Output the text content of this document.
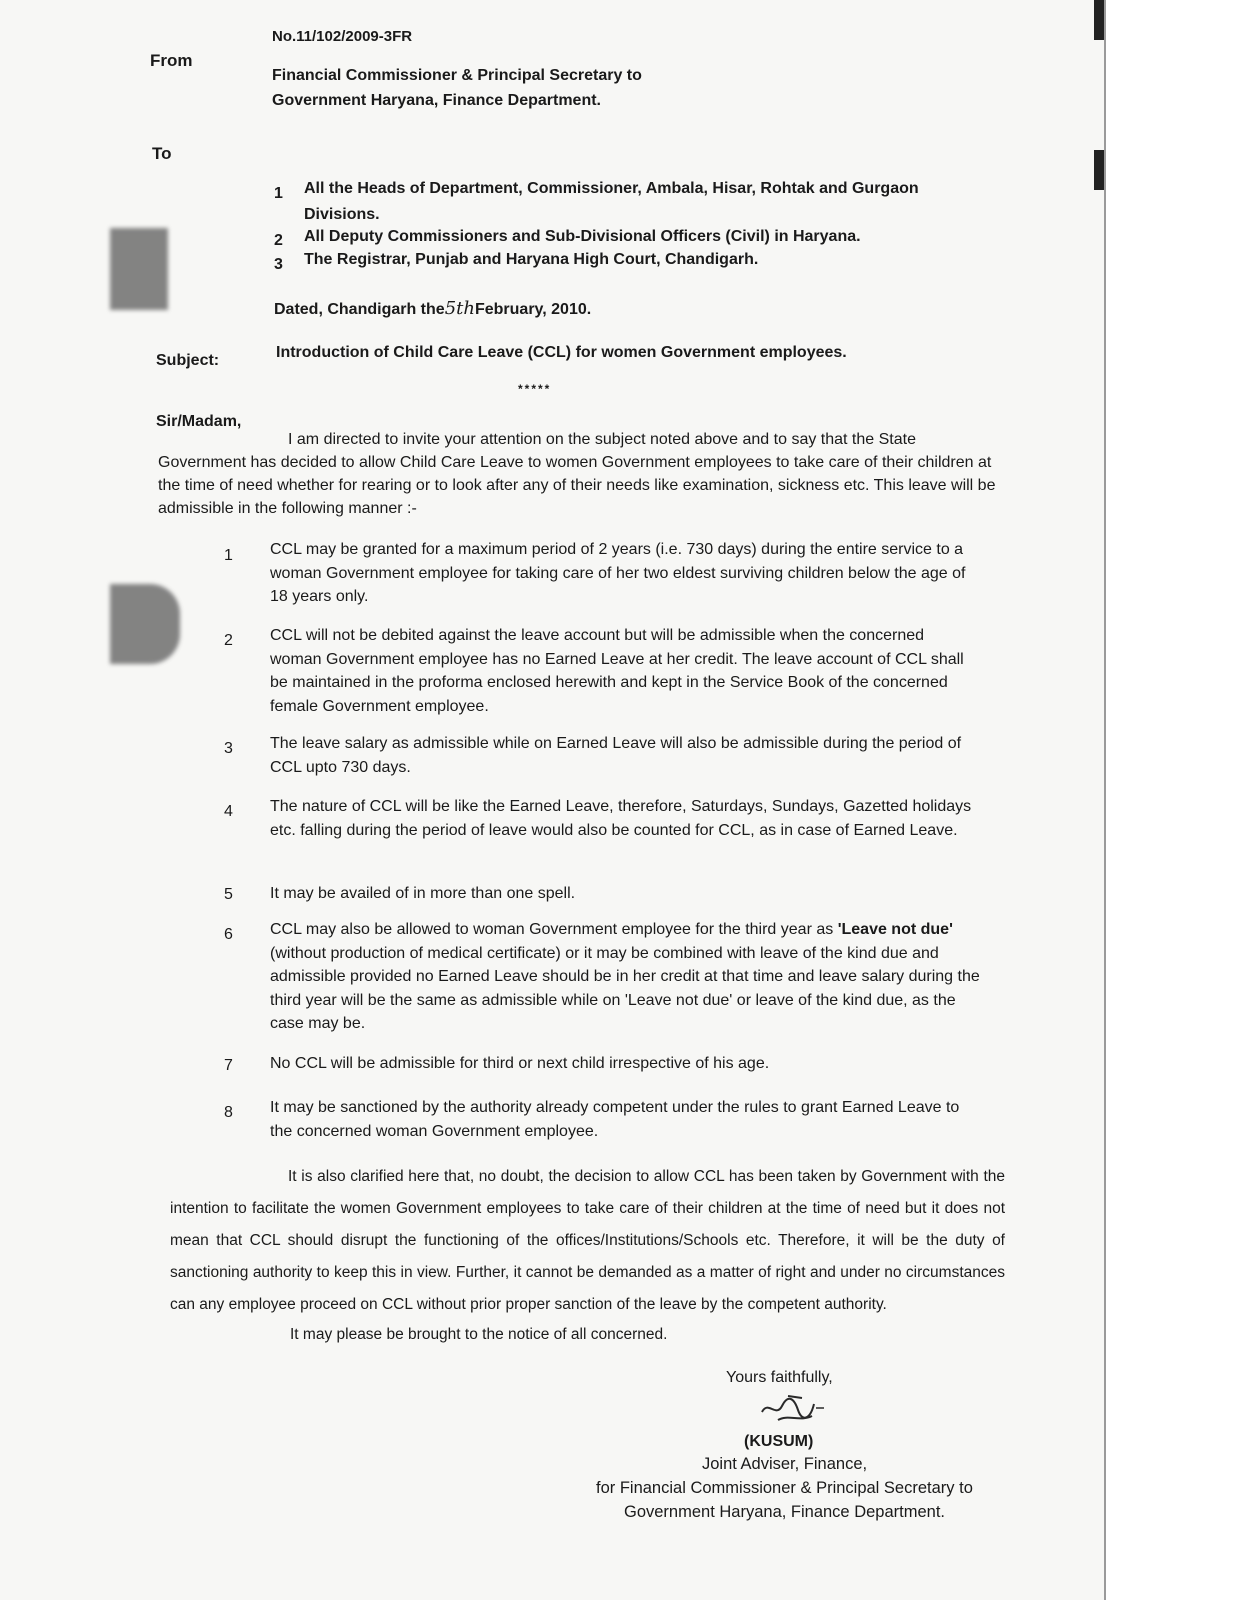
No.11/102/2009-3FR
From
Financial Commissioner & Principal Secretary to
Government Haryana, Finance Department.
To
1 All the Heads of Department, Commissioner, Ambala, Hisar, Rohtak and Gurgaon
Divisions.
2 All Deputy Commissioners and Sub-Divisional Officers (Civil) in Haryana.
3 The Registrar, Punjab and Haryana High Court, Chandigarh.
Dated, Chandigarh the5thFebruary, 2010.
Subject:	Introduction of Child Care Leave (CCL) for women Government employees.
*****
Sir/Madam,
I am directed to invite your attention on the subject noted above and to say that the State Government has decided to allow Child Care Leave to women Government employees to take care of their children at the time of need whether for rearing or to look after any of their needs like examination, sickness etc. This leave will be admissible in the following manner :-
1 CCL may be granted for a maximum period of 2 years (i.e. 730 days) during the entire service to a woman Government employee for taking care of her two eldest surviving children below the age of 18 years only.
2 CCL will not be debited against the leave account but will be admissible when the concerned woman Government employee has no Earned Leave at her credit. The leave account of CCL shall be maintained in the proforma enclosed herewith and kept in the Service Book of the concerned female Government employee.
3 The leave salary as admissible while on Earned Leave will also be admissible during the period of CCL upto 730 days.
4 The nature of CCL will be like the Earned Leave, therefore, Saturdays, Sundays, Gazetted holidays etc. falling during the period of leave would also be counted for CCL, as in case of Earned Leave.
5 It may be availed of in more than one spell.
6 CCL may also be allowed to woman Government employee for the third year as 'Leave not due' (without production of medical certificate) or it may be combined with leave of the kind due and admissible provided no Earned Leave should be in her credit at that time and leave salary during the third year will be the same as admissible while on 'Leave not due' or leave of the kind due, as the case may be.
7 No CCL will be admissible for third or next child irrespective of his age.
8 It may be sanctioned by the authority already competent under the rules to grant Earned Leave to the concerned woman Government employee.
It is also clarified here that, no doubt, the decision to allow CCL has been taken by Government with the intention to facilitate the women Government employees to take care of their children at the time of need but it does not mean that CCL should disrupt the functioning of the offices/Institutions/Schools etc. Therefore, it will be the duty of sanctioning authority to keep this in view. Further, it cannot be demanded as a matter of right and under no circumstances can any employee proceed on CCL without prior proper sanction of the leave by the competent authority.
It may please be brought to the notice of all concerned.
Yours faithfully,
(KUSUM)
Joint Adviser, Finance,
for Financial Commissioner & Principal Secretary to
Government Haryana, Finance Department.
